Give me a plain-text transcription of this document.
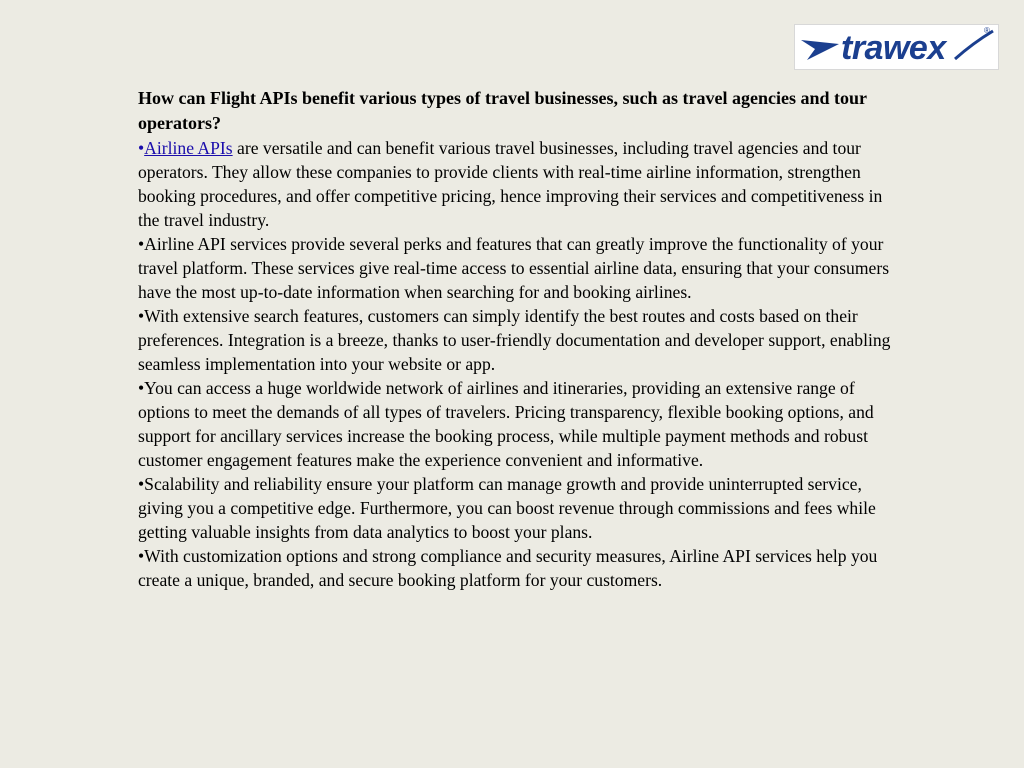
trawex	®
How can Flight APIs benefit various types of travel businesses, such as travel agencies and tour operators?

•Airline APIs are versatile and can benefit various travel businesses, including travel agencies and tour operators. They allow these companies to provide clients with real-time airline information, strengthen booking procedures, and offer competitive pricing, hence improving their services and competitiveness in the travel industry.

•Airline API services provide several perks and features that can greatly improve the functionality of your travel platform. These services give real-time access to essential airline data, ensuring that your consumers have the most up-to-date information when searching for and booking airlines.

•With extensive search features, customers can simply identify the best routes and costs based on their preferences. Integration is a breeze, thanks to user-friendly documentation and developer support, enabling seamless implementation into your website or app.

•You can access a huge worldwide network of airlines and itineraries, providing an extensive range of options to meet the demands of all types of travelers. Pricing transparency, flexible booking options, and support for ancillary services increase the booking process, while multiple payment methods and robust customer engagement features make the experience convenient and informative.

•Scalability and reliability ensure your platform can manage growth and provide uninterrupted service, giving you a competitive edge. Furthermore, you can boost revenue through commissions and fees while getting valuable insights from data analytics to boost your plans.

•With customization options and strong compliance and security measures, Airline API services help you create a unique, branded, and secure booking platform for your customers.
